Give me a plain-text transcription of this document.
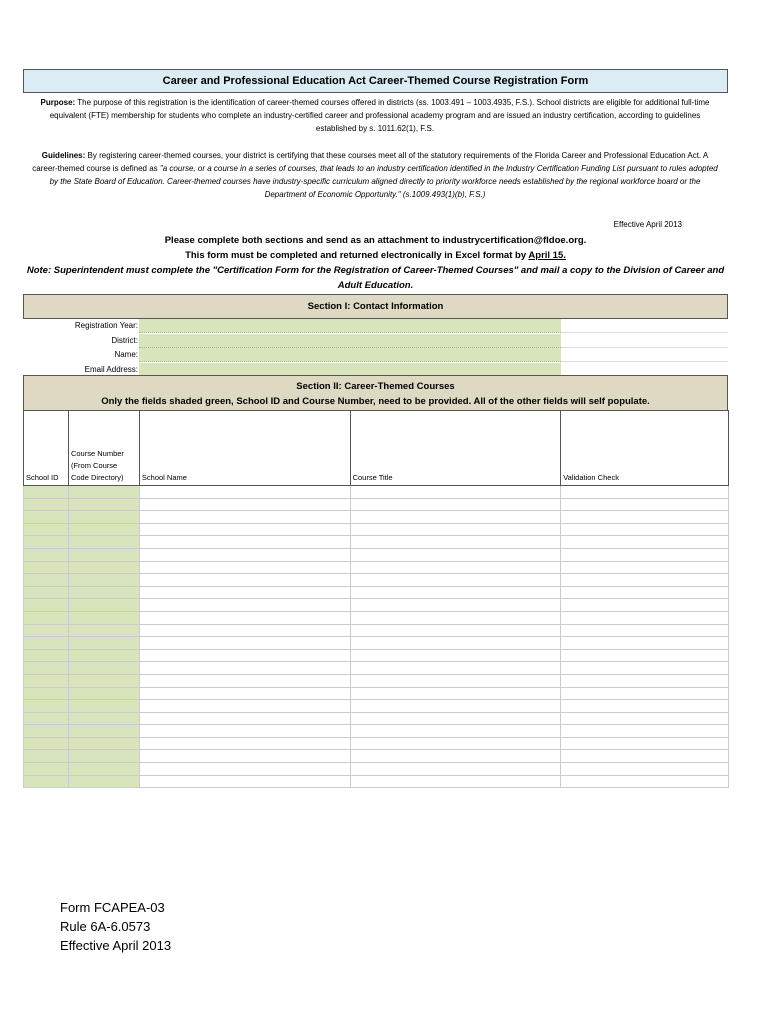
Career and Professional Education Act Career-Themed Course Registration Form
Purpose: The purpose of this registration is the identification of career-themed courses offered in districts (ss. 1003.491 – 1003.4935, F.S.). School districts are eligible for additional full-time equivalent (FTE) membership for students who complete an industry-certified career and professional academy program and are issued an industry certification, according to guidelines established by s. 1011.62(1), F.S.
Guidelines: By registering career-themed courses, your district is certifying that these courses meet all of the statutory requirements of the Florida Career and Professional Education Act. A career-themed course is defined as "a course, or a course in a series of courses, that leads to an industry certification identified in the Industry Certification Funding List pursuant to rules adopted by the State Board of Education. Career-themed courses have industry-specific curriculum aligned directly to priority workforce needs established by the regional workforce board or the Department of Economic Opportunity." (s.1009.493(1)(b), F.S.)
Effective April 2013
Please complete both sections and send as an attachment to industrycertification@fldoe.org.
This form must be completed and returned electronically in Excel format by April 15.
Note: Superintendent must complete the "Certification Form for the Registration of Career-Themed Courses" and mail a copy to the Division of Career and Adult Education.
Section I: Contact Information
Registration Year:
District:
Name:
Email Address:
Section II: Career-Themed Courses
Only the fields shaded green, School ID and Course Number, need to be provided. All of the other fields will self populate.
School ID	Course Number (From Course Code Directory)	School Name	Course Title	Validation Check

Form FCAPEA-03
Rule 6A-6.0573
Effective April 2013
